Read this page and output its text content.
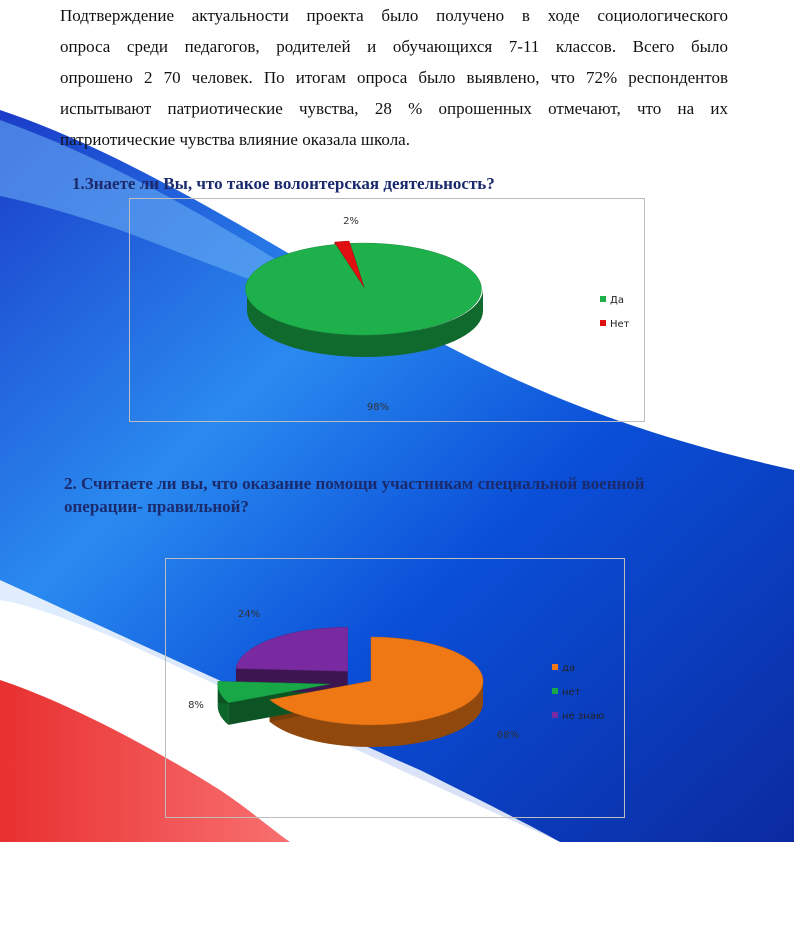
Подтверждение актуальности проекта было получено в ходе социологического
опроса среди педагогов, родителей и обучающихся 7-11 классов. Всего было
опрошено 2 70 человек. По итогам опроса было выявлено, что 72% респондентов
испытывают патриотические чувства, 28 % опрошенных отмечают, что на их
патриотические чувства влияние оказала школа.

1.Знаете ли Вы, что такое волонтерская деятельность?

98%
2%
Да
Нет

2. Считаете ли вы, что оказание помощи участникам специальной военной
операции- правильной?

68%
8%
24%
да
нет
не знаю
